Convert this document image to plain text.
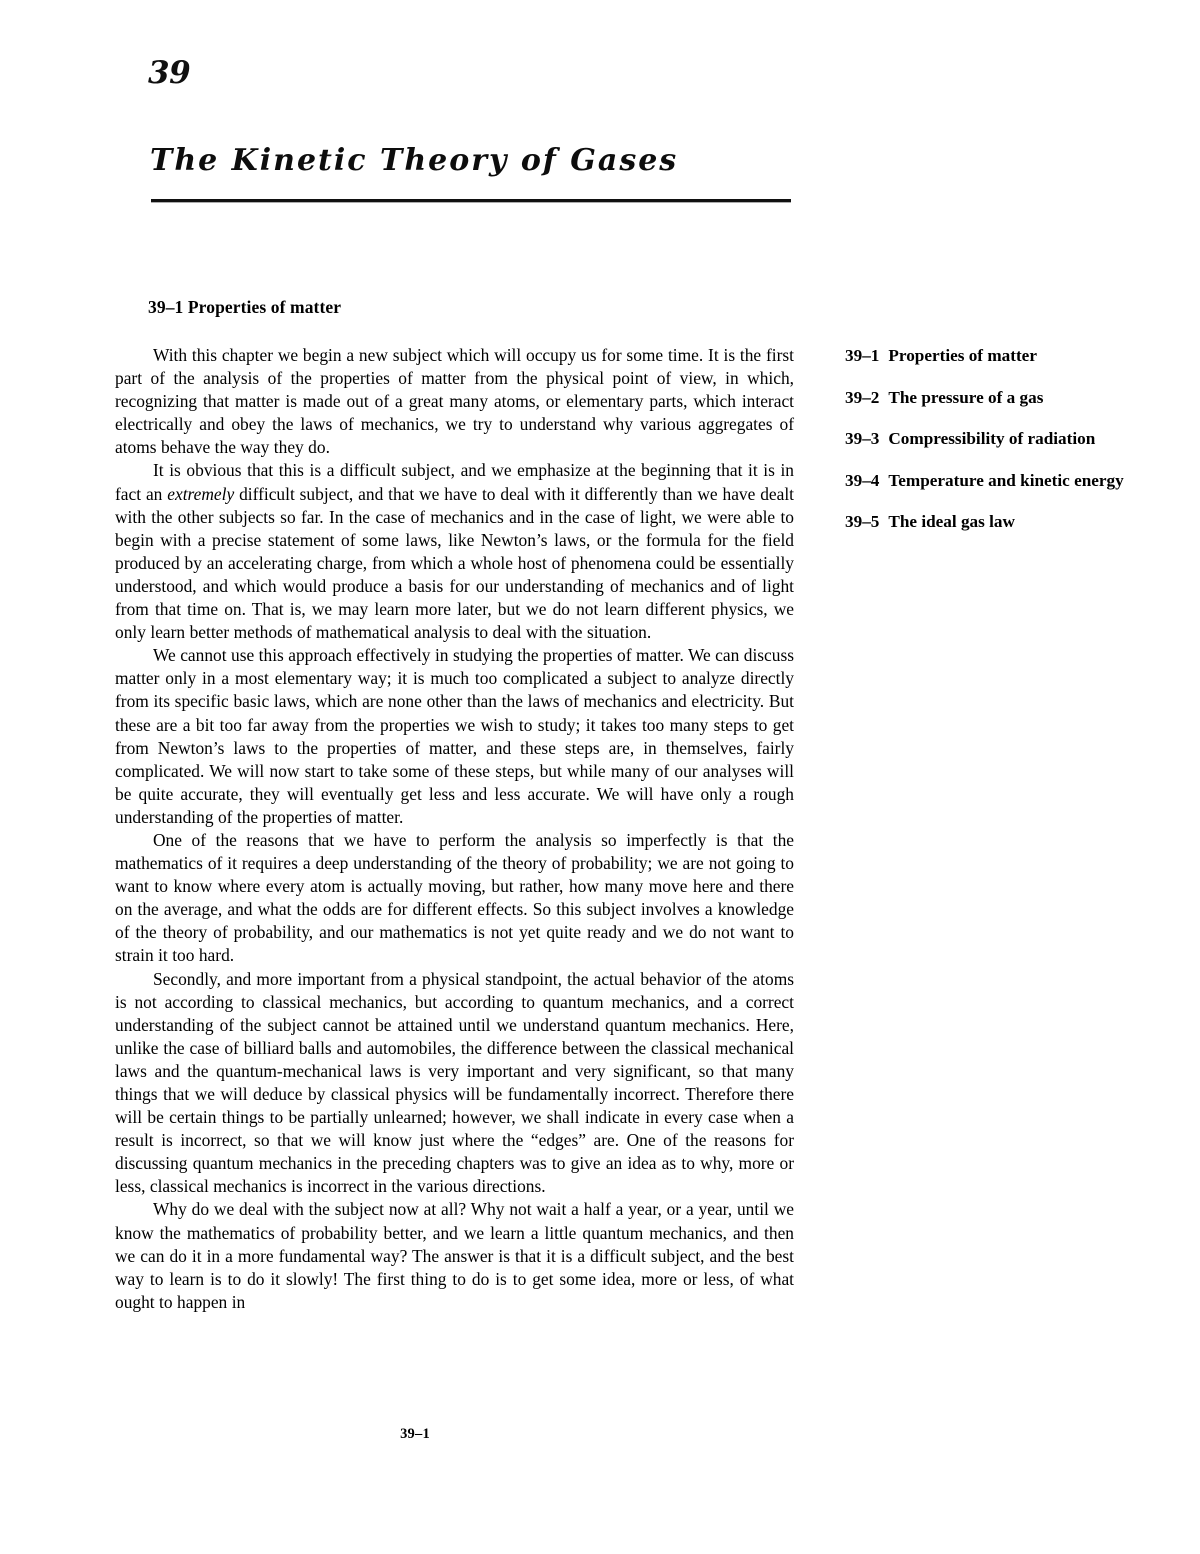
39
The Kinetic Theory of Gases
39–1 Properties of matter

With this chapter we begin a new subject which will occupy us for some time. It is the first part of the analysis of the properties of matter from the physical point of view, in which, recognizing that matter is made out of a great many atoms, or elementary parts, which interact electrically and obey the laws of mechanics, we try to understand why various aggregates of atoms behave the way they do.

It is obvious that this is a difficult subject, and we emphasize at the beginning that it is in fact an extremely difficult subject, and that we have to deal with it differently than we have dealt with the other subjects so far. In the case of mechanics and in the case of light, we were able to begin with a precise statement of some laws, like Newton’s laws, or the formula for the field produced by an accelerating charge, from which a whole host of phenomena could be essentially understood, and which would produce a basis for our understanding of mechanics and of light from that time on. That is, we may learn more later, but we do not learn different physics, we only learn better methods of mathematical analysis to deal with the situation.

We cannot use this approach effectively in studying the properties of matter. We can discuss matter only in a most elementary way; it is much too complicated a subject to analyze directly from its specific basic laws, which are none other than the laws of mechanics and electricity. But these are a bit too far away from the properties we wish to study; it takes too many steps to get from Newton’s laws to the properties of matter, and these steps are, in themselves, fairly complicated. We will now start to take some of these steps, but while many of our analyses will be quite accurate, they will eventually get less and less accurate. We will have only a rough understanding of the properties of matter.

One of the reasons that we have to perform the analysis so imperfectly is that the mathematics of it requires a deep understanding of the theory of probability; we are not going to want to know where every atom is actually moving, but rather, how many move here and there on the average, and what the odds are for different effects. So this subject involves a knowledge of the theory of probability, and our mathematics is not yet quite ready and we do not want to strain it too hard.

Secondly, and more important from a physical standpoint, the actual behavior of the atoms is not according to classical mechanics, but according to quantum mechanics, and a correct understanding of the subject cannot be attained until we understand quantum mechanics. Here, unlike the case of billiard balls and automobiles, the difference between the classical mechanical laws and the quantum-mechanical laws is very important and very significant, so that many things that we will deduce by classical physics will be fundamentally incorrect. Therefore there will be certain things to be partially unlearned; however, we shall indicate in every case when a result is incorrect, so that we will know just where the “edges” are. One of the reasons for discussing quantum mechanics in the preceding chapters was to give an idea as to why, more or less, classical mechanics is incorrect in the various directions.

Why do we deal with the subject now at all? Why not wait a half a year, or a year, until we know the mathematics of probability better, and we learn a little quantum mechanics, and then we can do it in a more fundamental way? The answer is that it is a difficult subject, and the best way to learn is to do it slowly! The first thing to do is to get some idea, more or less, of what ought to happen in

39–1 Properties of matter
39–2 The pressure of a gas
39–3 Compressibility of radiation
39–4 Temperature and kinetic energy
39–5 The ideal gas law
39–1
